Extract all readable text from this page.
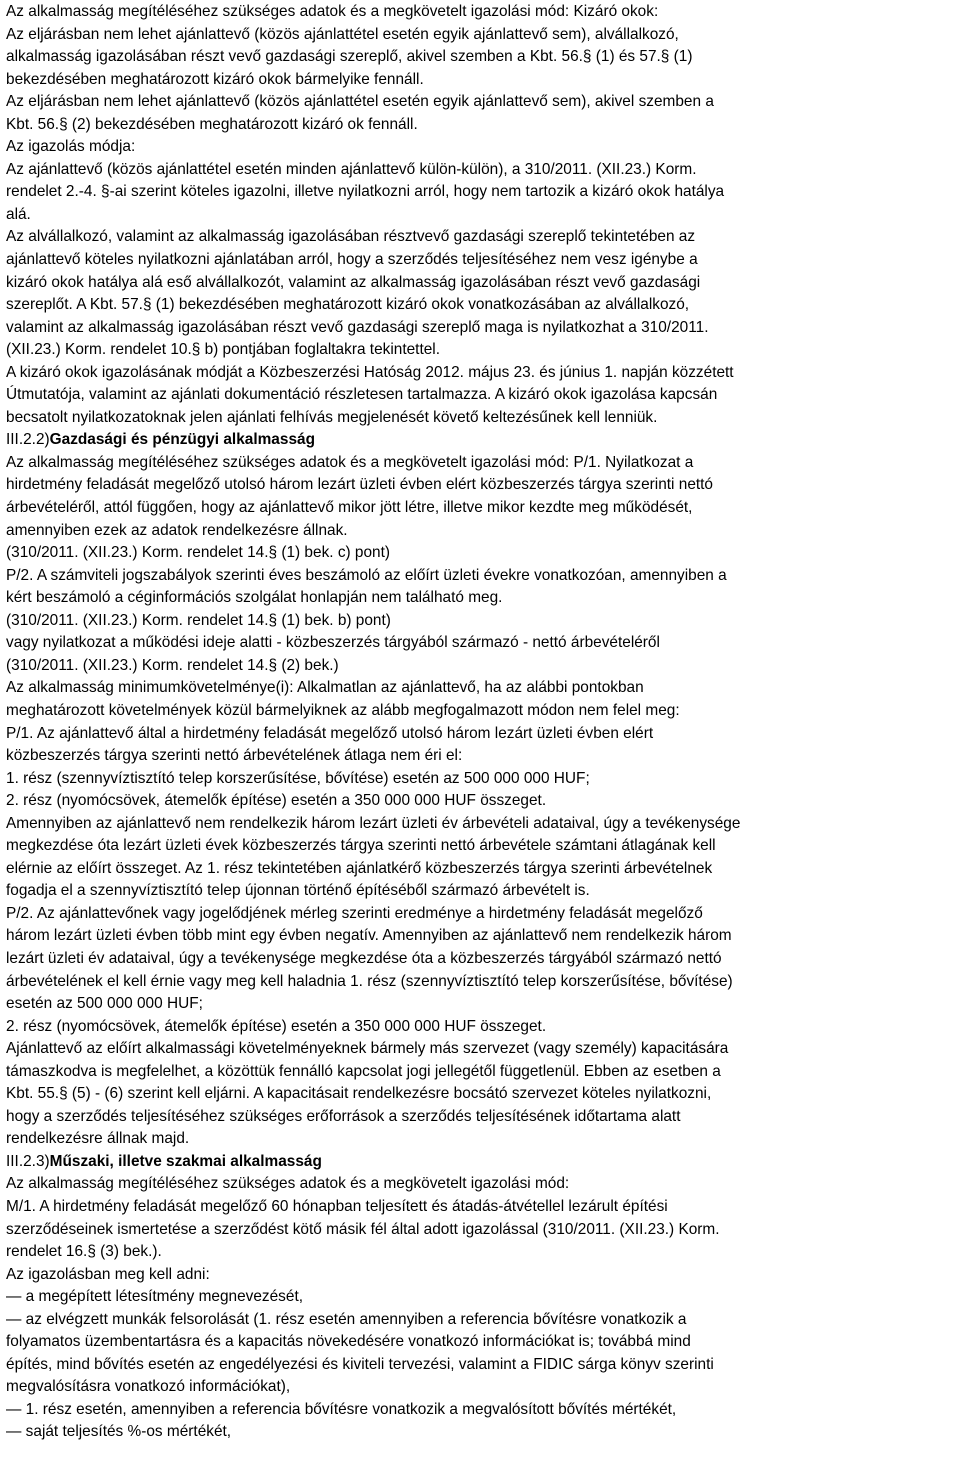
Az alkalmasság megítéléséhez szükséges adatok és a megkövetelt igazolási mód: Kizáró okok:
Az eljárásban nem lehet ajánlattevő (közös ajánlattétel esetén egyik ajánlattevő sem), alvállalkozó,
alkalmasság igazolásában részt vevő gazdasági szereplő, akivel szemben a Kbt. 56.§ (1) és 57.§ (1)
bekezdésében meghatározott kizáró okok bármelyike fennáll.
Az eljárásban nem lehet ajánlattevő (közös ajánlattétel esetén egyik ajánlattevő sem), akivel szemben a
Kbt. 56.§ (2) bekezdésében meghatározott kizáró ok fennáll.
Az igazolás módja:
Az ajánlattevő (közös ajánlattétel esetén minden ajánlattevő külön-külön), a 310/2011. (XII.23.) Korm.
rendelet 2.-4. §-ai szerint köteles igazolni, illetve nyilatkozni arról, hogy nem tartozik a kizáró okok hatálya
alá.
Az alvállalkozó, valamint az alkalmasság igazolásában résztvevő gazdasági szereplő tekintetében az
ajánlattevő köteles nyilatkozni ajánlatában arról, hogy a szerződés teljesítéséhez nem vesz igénybe a
kizáró okok hatálya alá eső alvállalkozót, valamint az alkalmasság igazolásában részt vevő gazdasági
szereplőt. A Kbt. 57.§ (1) bekezdésében meghatározott kizáró okok vonatkozásában az alvállalkozó,
valamint az alkalmasság igazolásában részt vevő gazdasági szereplő maga is nyilatkozhat a 310/2011.
(XII.23.) Korm. rendelet 10.§ b) pontjában foglaltakra tekintettel.
A kizáró okok igazolásának módját a Közbeszerzési Hatóság 2012. május 23. és június 1. napján közzétett
Útmutatója, valamint az ajánlati dokumentáció részletesen tartalmazza. A kizáró okok igazolása kapcsán
becsatolt nyilatkozatoknak jelen ajánlati felhívás megjelenését követő keltezésűnek kell lenniük.
III.2.2)Gazdasági és pénzügyi alkalmasság
Az alkalmasság megítéléséhez szükséges adatok és a megkövetelt igazolási mód: P/1. Nyilatkozat a
hirdetmény feladását megelőző utolsó három lezárt üzleti évben elért közbeszerzés tárgya szerinti nettó
árbevételéről, attól függően, hogy az ajánlattevő mikor jött létre, illetve mikor kezdte meg működését,
amennyiben ezek az adatok rendelkezésre állnak.
(310/2011. (XII.23.) Korm. rendelet 14.§ (1) bek. c) pont)
P/2. A számviteli jogszabályok szerinti éves beszámoló az előírt üzleti évekre vonatkozóan, amennyiben a
kért beszámoló a céginformációs szolgálat honlapján nem található meg.
(310/2011. (XII.23.) Korm. rendelet 14.§ (1) bek. b) pont)
vagy nyilatkozat a működési ideje alatti - közbeszerzés tárgyából származó - nettó árbevételéről
(310/2011. (XII.23.) Korm. rendelet 14.§ (2) bek.)
Az alkalmasság minimumkövetelménye(i): Alkalmatlan az ajánlattevő, ha az alábbi pontokban
meghatározott követelmények közül bármelyiknek az alább megfogalmazott módon nem felel meg:
P/1. Az ajánlattevő által a hirdetmény feladását megelőző utolsó három lezárt üzleti évben elért
közbeszerzés tárgya szerinti nettó árbevételének átlaga nem éri el:
1. rész (szennyvíztisztító telep korszerűsítése, bővítése) esetén az 500 000 000 HUF;
2. rész (nyomócsövek, átemelők építése) esetén a 350 000 000 HUF összeget.
Amennyiben az ajánlattevő nem rendelkezik három lezárt üzleti év árbevételi adataival, úgy a tevékenysége
megkezdése óta lezárt üzleti évek közbeszerzés tárgya szerinti nettó árbevétele számtani átlagának kell
elérnie az előírt összeget. Az 1. rész tekintetében ajánlatkérő közbeszerzés tárgya szerinti árbevételnek
fogadja el a szennyvíztisztító telep újonnan történő építéséből származó árbevételt is.
P/2. Az ajánlattevőnek vagy jogelődjének mérleg szerinti eredménye a hirdetmény feladását megelőző
három lezárt üzleti évben több mint egy évben negatív. Amennyiben az ajánlattevő nem rendelkezik három
lezárt üzleti év adataival, úgy a tevékenysége megkezdése óta a közbeszerzés tárgyából származó nettó
árbevételének el kell érnie vagy meg kell haladnia 1. rész (szennyvíztisztító telep korszerűsítése, bővítése)
esetén az 500 000 000 HUF;
2. rész (nyomócsövek, átemelők építése) esetén a 350 000 000 HUF összeget.
Ajánlattevő az előírt alkalmassági követelményeknek bármely más szervezet (vagy személy) kapacitására
támaszkodva is megfelelhet, a közöttük fennálló kapcsolat jogi jellegétől függetlenül. Ebben az esetben a
Kbt. 55.§ (5) - (6) szerint kell eljárni. A kapacitásait rendelkezésre bocsátó szervezet köteles nyilatkozni,
hogy a szerződés teljesítéséhez szükséges erőforrások a szerződés teljesítésének időtartama alatt
rendelkezésre állnak majd.
III.2.3)Műszaki, illetve szakmai alkalmasság
Az alkalmasság megítéléséhez szükséges adatok és a megkövetelt igazolási mód:
M/1. A hirdetmény feladását megelőző 60 hónapban teljesített és átadás-átvétellel lezárult építési
szerződéseinek ismertetése a szerződést kötő másik fél által adott igazolással (310/2011. (XII.23.) Korm.
rendelet 16.§ (3) bek.).
Az igazolásban meg kell adni:
— a megépített létesítmény megnevezését,
— az elvégzett munkák felsorolását (1. rész esetén amennyiben a referencia bővítésre vonatkozik a
folyamatos üzembentartásra és a kapacitás növekedésére vonatkozó információkat is; továbbá mind
építés, mind bővítés esetén az engedélyezési és kiviteli tervezési, valamint a FIDIC sárga könyv szerinti
megvalósításra vonatkozó információkat),
— 1. rész esetén, amennyiben a referencia bővítésre vonatkozik a megvalósított bővítés mértékét,
— saját teljesítés %-os mértékét,
